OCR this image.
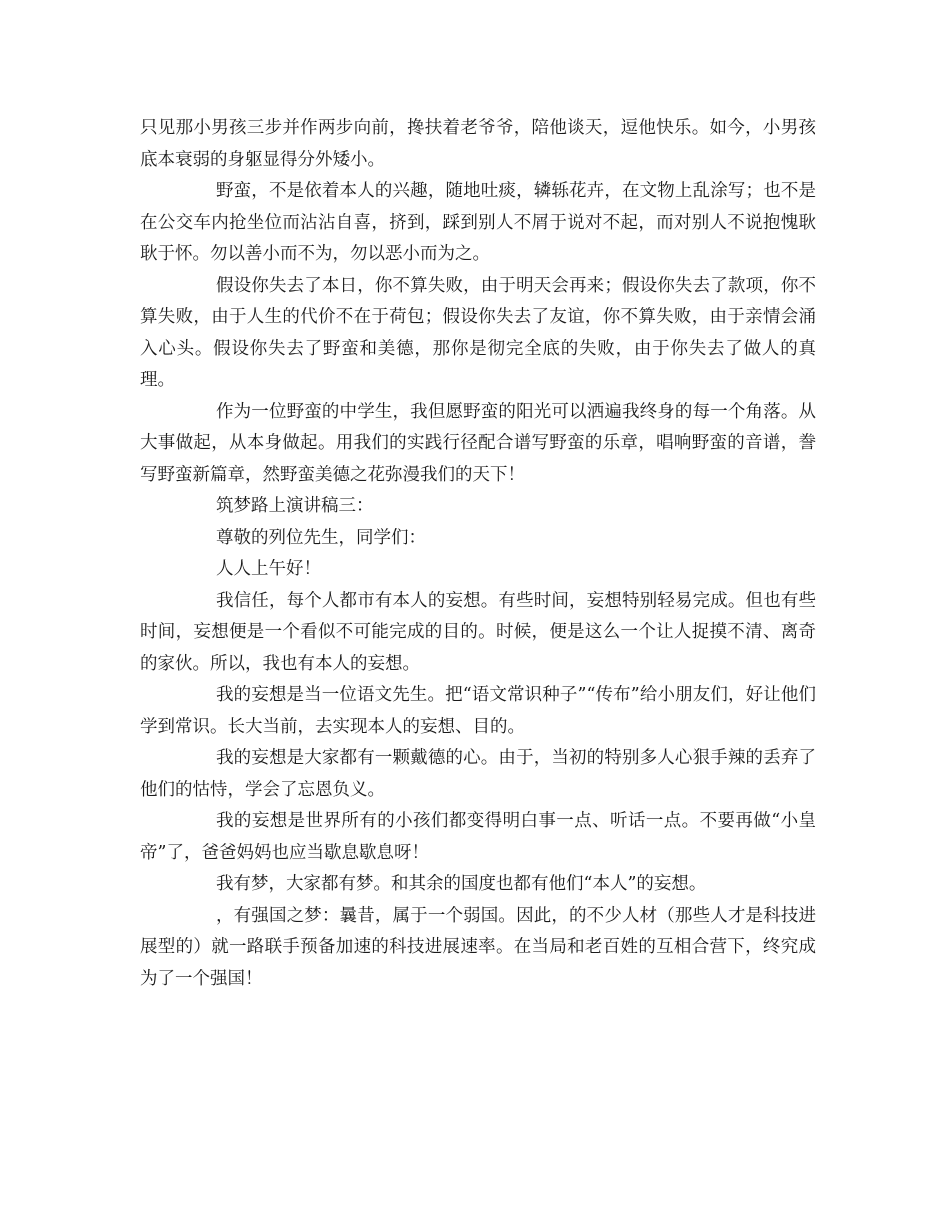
只见那小男孩三步并作两步向前，搀扶着老爷爷，陪他谈天，逗他快乐。如今，小男孩底本衰弱的身躯显得分外矮小。

野蛮，不是依着本人的兴趣，随地吐痰，辚轹花卉，在文物上乱涂写；也不是在公交车内抢坐位而沾沾自喜，挤到，踩到别人不屑于说对不起，而对别人不说抱愧耿耿于怀。勿以善小而不为，勿以恶小而为之。

假设你失去了本日，你不算失败，由于明天会再来；假设你失去了款项，你不算失败，由于人生的代价不在于荷包；假设你失去了友谊，你不算失败，由于亲情会涌入心头。假设你失去了野蛮和美德，那你是彻完全底的失败，由于你失去了做人的真理。

作为一位野蛮的中学生，我但愿野蛮的阳光可以洒遍我终身的每一个角落。从大事做起，从本身做起。用我们的实践行径配合谱写野蛮的乐章，唱响野蛮的音谱，誊写野蛮新篇章，然野蛮美德之花弥漫我们的天下！

筑梦路上演讲稿三：

尊敬的列位先生，同学们：

人人上午好！

我信任，每个人都市有本人的妄想。有些时间，妄想特别轻易完成。但也有些时间，妄想便是一个看似不可能完成的目的。时候，便是这么一个让人捉摸不清、离奇的家伙。所以，我也有本人的妄想。

我的妄想是当一位语文先生。把“语文常识种子”“传布”给小朋友们，好让他们学到常识。长大当前，去实现本人的妄想、目的。

我的妄想是大家都有一颗戴德的心。由于，当初的特别多人心狠手辣的丢弃了他们的怙恃，学会了忘恩负义。

我的妄想是世界所有的小孩们都变得明白事一点、听话一点。不要再做“小皇帝”了，爸爸妈妈也应当歇息歇息呀！

我有梦，大家都有梦。和其余的国度也都有他们“本人”的妄想。

，有强国之梦：曩昔，属于一个弱国。因此，的不少人材（那些人才是科技进展型的）就一路联手预备加速的科技进展速率。在当局和老百姓的互相合营下，终究成为了一个强国！
